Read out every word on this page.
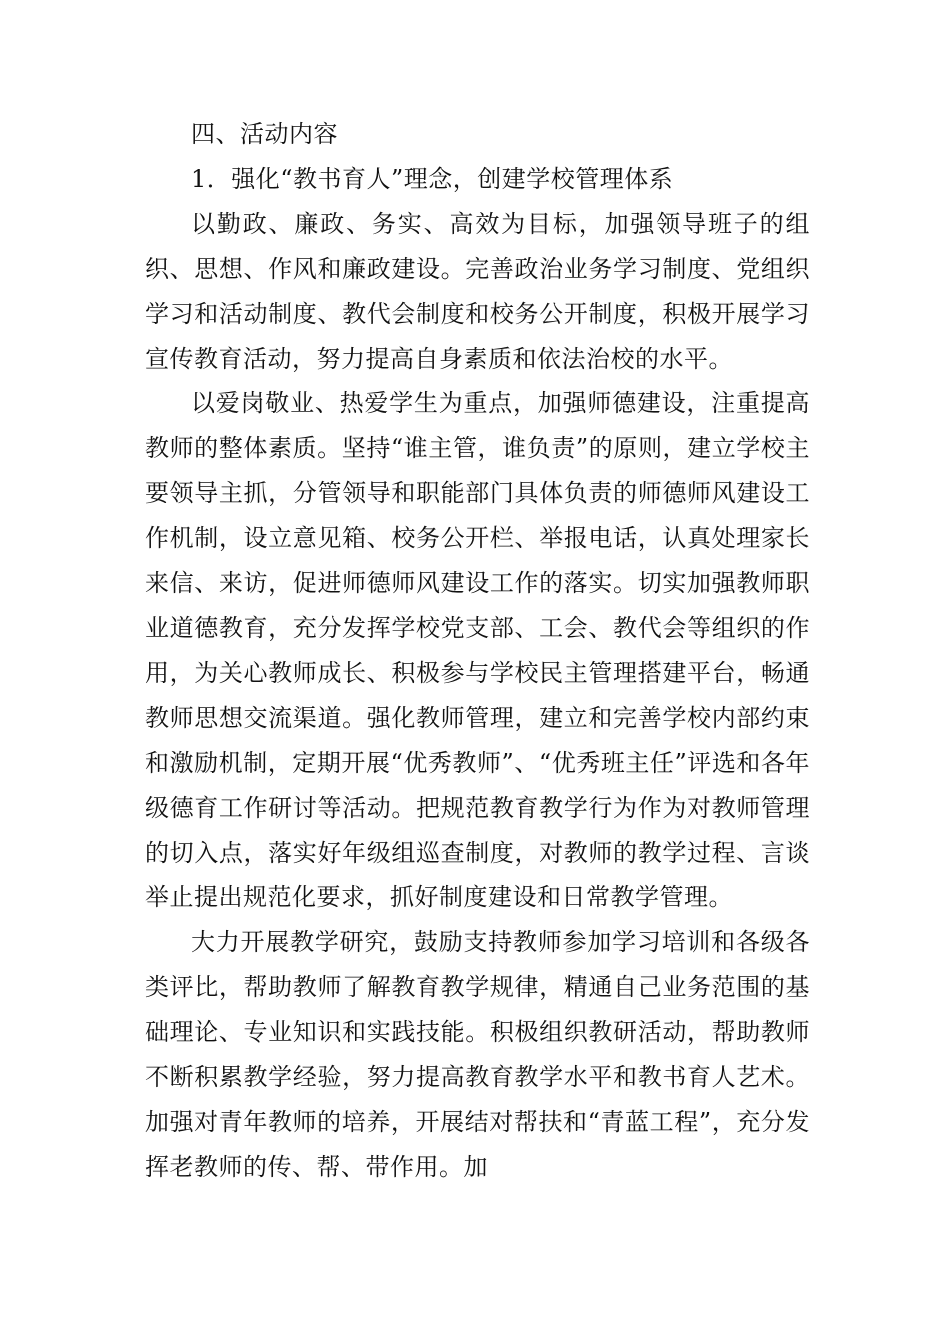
四、活动内容

1．强化“教书育人”理念，创建学校管理体系

以勤政、廉政、务实、高效为目标，加强领导班子的组织、思想、作风和廉政建设。完善政治业务学习制度、党组织学习和活动制度、教代会制度和校务公开制度，积极开展学习宣传教育活动，努力提高自身素质和依法治校的水平。

以爱岗敬业、热爱学生为重点，加强师德建设，注重提高教师的整体素质。坚持“谁主管，谁负责”的原则，建立学校主要领导主抓，分管领导和职能部门具体负责的师德师风建设工作机制，设立意见箱、校务公开栏、举报电话，认真处理家长来信、来访，促进师德师风建设工作的落实。切实加强教师职业道德教育，充分发挥学校党支部、工会、教代会等组织的作用，为关心教师成长、积极参与学校民主管理搭建平台，畅通教师思想交流渠道。强化教师管理，建立和完善学校内部约束和激励机制，定期开展“优秀教师”、“优秀班主任”评选和各年级德育工作研讨等活动。把规范教育教学行为作为对教师管理的切入点，落实好年级组巡查制度，对教师的教学过程、言谈举止提出规范化要求，抓好制度建设和日常教学管理。

大力开展教学研究，鼓励支持教师参加学习培训和各级各类评比，帮助教师了解教育教学规律，精通自己业务范围的基础理论、专业知识和实践技能。积极组织教研活动，帮助教师不断积累教学经验，努力提高教育教学水平和教书育人艺术。加强对青年教师的培养，开展结对帮扶和“青蓝工程”，充分发挥老教师的传、帮、带作用。加
